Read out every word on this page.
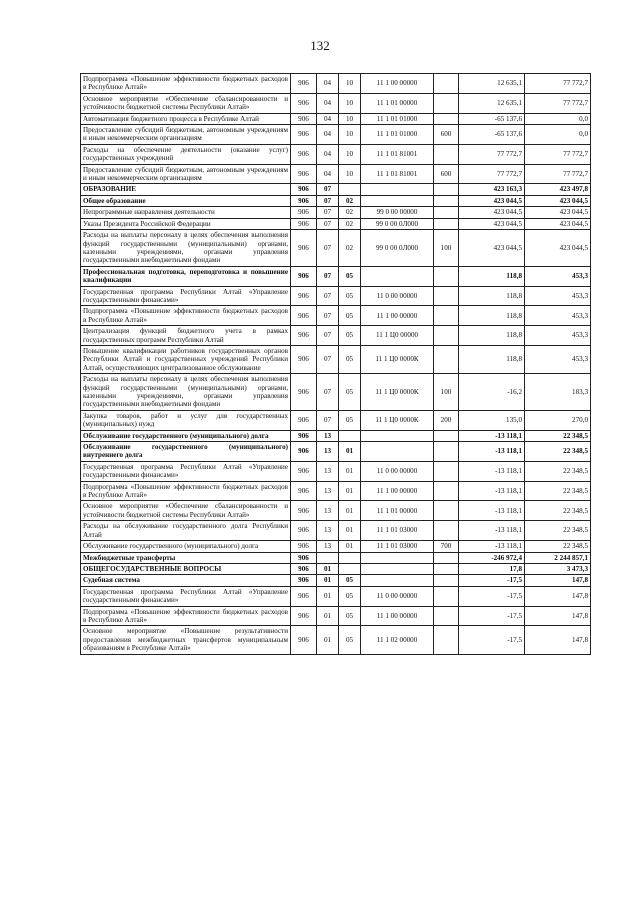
132
Подпрограмма «Повышение эффективности бюджетных расходов в Республике Алтай»	906	04	10	11 1 00 00000		12 635,1	77 772,7
Основное мероприятие «Обеспечение сбалансированности и устойчивости бюджетной системы Республики Алтай»	906	04	10	11 1 01 00000		12 635,1	77 772,7
Автоматизация бюджетного процесса в Республике Алтай	906	04	10	11 1 01 01000		-65 137,6	0,0
Предоставление субсидий бюджетным, автономным учреждениям и иным некоммерческим организациям	906	04	10	11 1 01 01000	600	-65 137,6	0,0
Расходы на обеспечение деятельности (оказание услуг) государственных учреждений	906	04	10	11 1 01 81001		77 772,7	77 772,7
Предоставление субсидий бюджетным, автономным учреждениям и иным некоммерческим организациям	906	04	10	11 1 01 81001	600	77 772,7	77 772,7
ОБРАЗОВАНИЕ	906	07				423 163,3	423 497,8
Общее образование	906	07	02			423 044,5	423 044,5
Непрограммные направления деятельности	906	07	02	99 0 00 00000		423 044,5	423 044,5
Указы Президента Российской Федерации	906	07	02	99 0 00 0Л000		423 044,5	423 044,5
Расходы на выплаты персоналу в целях обеспечения выполнения функций государственными (муниципальными) органами, казенными учреждениями, органами управления государственными внебюджетными фондами	906	07	02	99 0 00 0Л000	100	423 044,5	423 044,5
Профессиональная подготовка, переподготовка и повышение квалификации	906	07	05			118,8	453,3
Государственная программа Республики Алтай «Управление государственными финансами»	906	07	05	11 0 00 00000		118,8	453,3
Подпрограмма «Повышение эффективности бюджетных расходов в Республике Алтай»	906	07	05	11 1 00 00000		118,8	453,3
Централизация функций бюджетного учета в рамках государственных программ Республики Алтай	906	07	05	11 1 Ц0 00000		118,8	453,3
Повышение квалификации работников государственных органов Республики Алтай и государственных учреждений Республики Алтай, осуществляющих централизованное обслуживание	906	07	05	11 1 Ц0 0000К		118,8	453,3
Расходы на выплаты персоналу в целях обеспечения выполнения функций государственными (муниципальными) органами, казенными учреждениями, органами управления государственными внебюджетными фондами	906	07	05	11 1 Ц0 0000К	100	-16,2	183,3
Закупка товаров, работ и услуг для государственных (муниципальных) нужд	906	07	05	11 1 Ц0 0000К	200	135,0	270,0
Обслуживание государственного (муниципального) долга	906	13				-13 118,1	22 348,5
Обслуживание государственного (муниципального) внутреннего долга	906	13	01			-13 118,1	22 348,5
Государственная программа Республики Алтай «Управление государственными финансами»	906	13	01	11 0 00 00000		-13 118,1	22 348,5
Подпрограмма «Повышение эффективности бюджетных расходов в Республике Алтай»	906	13	01	11 1 00 00000		-13 118,1	22 348,5
Основное мероприятие «Обеспечение сбалансированности и устойчивости бюджетной системы Республики Алтай»	906	13	01	11 1 01 00000		-13 118,1	22 348,5
Расходы на обслуживание государственного долга Республики Алтай	906	13	01	11 1 01 03000		-13 118,1	22 348,5
Обслуживание государственного (муниципального) долга	906	13	01	11 1 01 03000	700	-13 118,1	22 348,5
Межбюджетные трансферты	906					-246 972,4	2 244 857,1
ОБЩЕГОСУДАРСТВЕННЫЕ ВОПРОСЫ	906	01				17,8	3 473,3
Судебная система	906	01	05			-17,5	147,8
Государственная программа Республики Алтай «Управление государственными финансами»	906	01	05	11 0 00 00000		-17,5	147,8
Подпрограмма «Повышение эффективности бюджетных расходов в Республике Алтай»	906	01	05	11 1 00 00000		-17,5	147,8
Основное мероприятие «Повышение результативности предоставления межбюджетных трансфертов муниципальным образованиям в Республике Алтай»	906	01	05	11 1 02 00000		-17,5	147,8
